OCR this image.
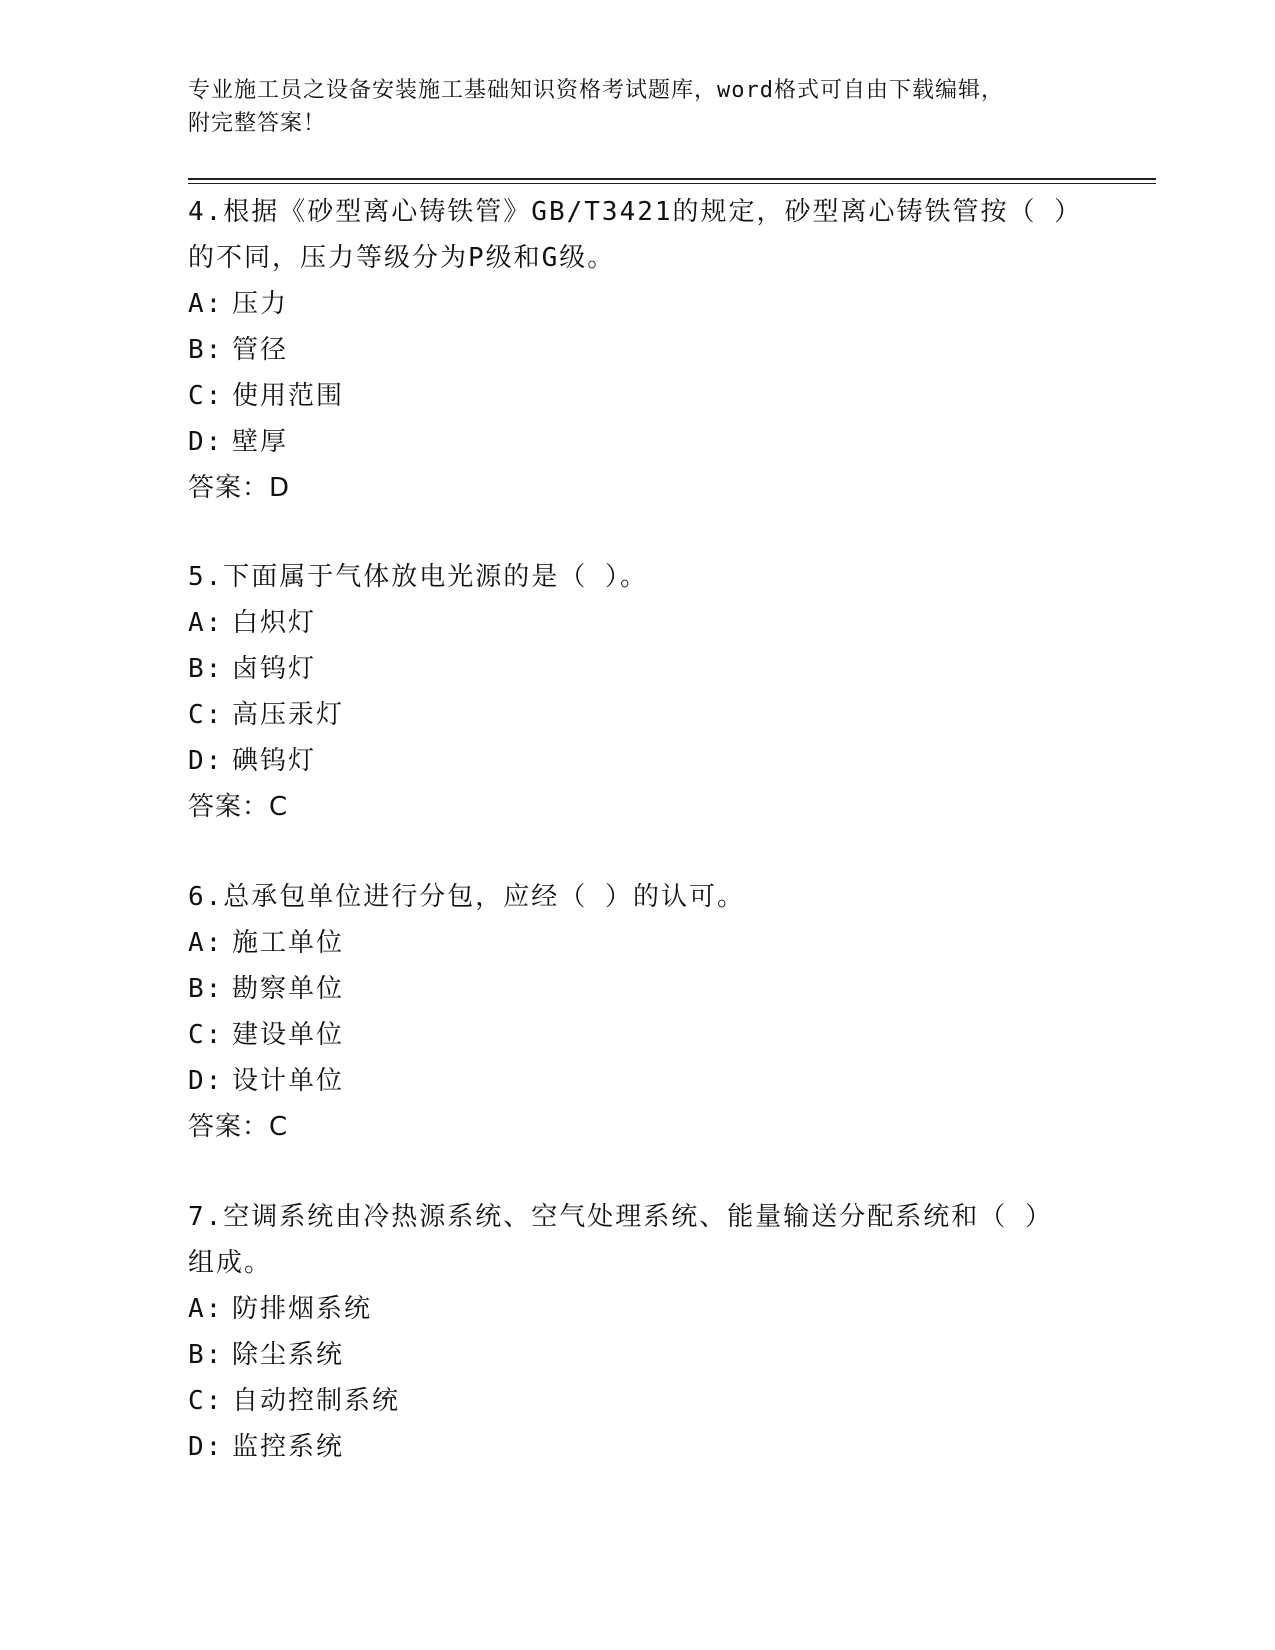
专业施工员之设备安装施工基础知识资格考试题库，word格式可自由下载编辑，
附完整答案！

4.根据《砂型离心铸铁管》GB/T3421的规定，砂型离心铸铁管按（ ）

的不同，压力等级分为P级和G级。

A: 压力

B: 管径

C: 使用范围

D: 壁厚

答案：D

5.下面属于气体放电光源的是（ ）。

A: 白炽灯

B: 卤钨灯

C: 高压汞灯

D: 碘钨灯

答案：C

6.总承包单位进行分包，应经（ ）的认可。

A: 施工单位

B: 勘察单位

C: 建设单位

D: 设计单位

答案：C

7.空调系统由冷热源系统、空气处理系统、能量输送分配系统和（ ）

组成。

A: 防排烟系统

B: 除尘系统

C: 自动控制系统

D: 监控系统
